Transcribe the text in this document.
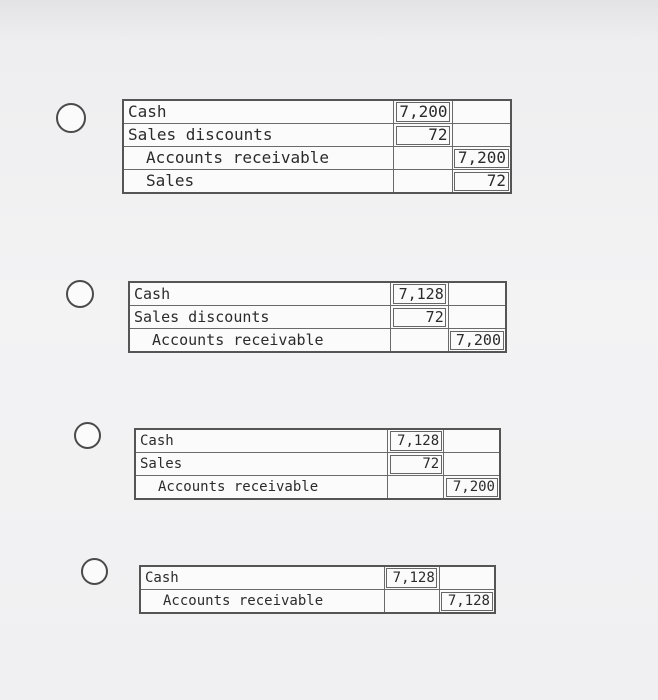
Cash	7,200	
Sales discounts	72	
Accounts receivable		7,200
Sales		72
Cash	7,128	
Sales discounts	72	
Accounts receivable		7,200
Cash	7,128	
Sales	72	
Accounts receivable		7,200
Cash	7,128	
Accounts receivable		7,128
